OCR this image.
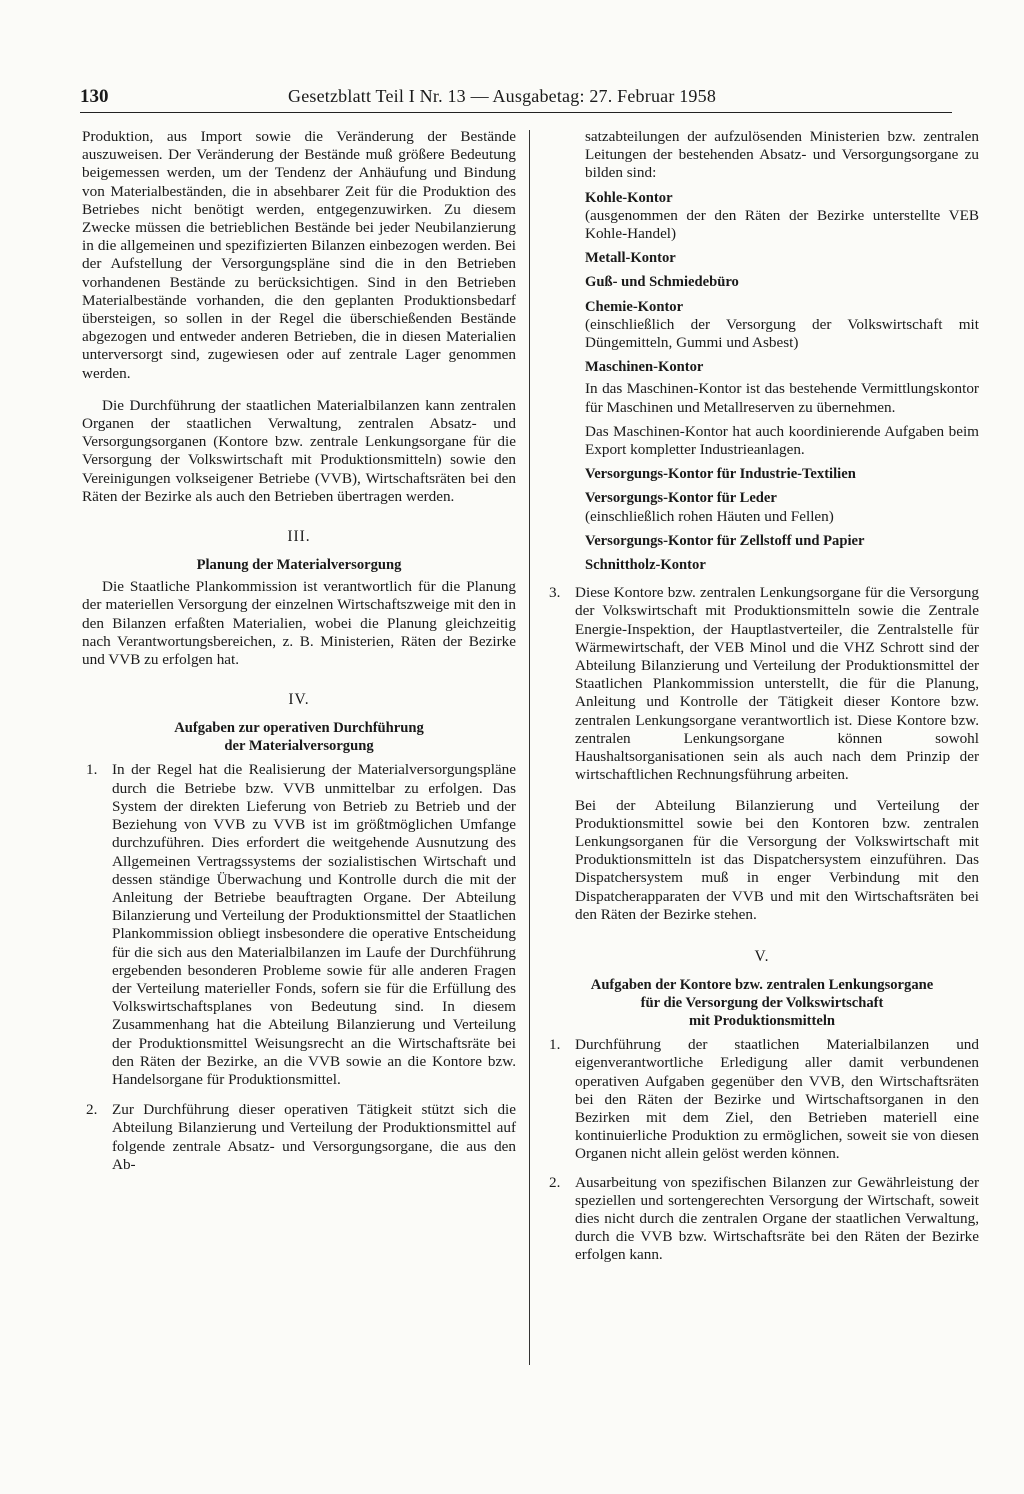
130	Gesetzblatt Teil I Nr. 13 — Ausgabetag: 27. Februar 1958

Produktion, aus Import sowie die Veränderung der Bestände auszuweisen. Der Veränderung der Bestände muß größere Bedeutung beigemessen werden, um der Tendenz der Anhäufung und Bindung von Materialbeständen, die in absehbarer Zeit für die Produktion des Betriebes nicht benötigt werden, entgegenzuwirken. Zu diesem Zwecke müssen die betrieblichen Bestände bei jeder Neubilanzierung in die allgemeinen und spezifizierten Bilanzen einbezogen werden. Bei der Aufstellung der Versorgungspläne sind die in den Betrieben vorhandenen Bestände zu berücksichtigen. Sind in den Betrieben Materialbestände vorhanden, die den geplanten Produktionsbedarf übersteigen, so sollen in der Regel die überschießenden Bestände abgezogen und entweder anderen Betrieben, die in diesen Materialien unterversorgt sind, zugewiesen oder auf zentrale Lager genommen werden.

Die Durchführung der staatlichen Materialbilanzen kann zentralen Organen der staatlichen Verwaltung, zentralen Absatz- und Versorgungsorganen (Kontore bzw. zentrale Lenkungsorgane für die Versorgung der Volkswirtschaft mit Produktionsmitteln) sowie den Vereinigungen volkseigener Betriebe (VVB), Wirtschaftsräten bei den Räten der Bezirke als auch den Betrieben übertragen werden.

III.
Planung der Materialversorgung

Die Staatliche Plankommission ist verantwortlich für die Planung der materiellen Versorgung der einzelnen Wirtschaftszweige mit den in den Bilanzen erfaßten Materialien, wobei die Planung gleichzeitig nach Verantwortungsbereichen, z. B. Ministerien, Räten der Bezirke und VVB zu erfolgen hat.

IV.
Aufgaben zur operativen Durchführung
der Materialversorgung
1. In der Regel hat die Realisierung der Materialversorgungspläne durch die Betriebe bzw. VVB unmittelbar zu erfolgen. Das System der direkten Lieferung von Betrieb zu Betrieb und der Beziehung von VVB zu VVB ist im größtmöglichen Umfange durchzuführen. Dies erfordert die weitgehende Ausnutzung des Allgemeinen Vertragssystems der sozialistischen Wirtschaft und dessen ständige Überwachung und Kontrolle durch die mit der Anleitung der Betriebe beauftragten Organe. Der Abteilung Bilanzierung und Verteilung der Produktionsmittel der Staatlichen Plankommission obliegt insbesondere die operative Entscheidung für die sich aus den Materialbilanzen im Laufe der Durchführung ergebenden besonderen Probleme sowie für alle anderen Fragen der Verteilung materieller Fonds, sofern sie für die Erfüllung des Volkswirtschaftsplanes von Bedeutung sind. In diesem Zusammenhang hat die Abteilung Bilanzierung und Verteilung der Produktionsmittel Weisungsrecht an die Wirtschaftsräte bei den Räten der Bezirke, an die VVB sowie an die Kontore bzw. Handelsorgane für Produktionsmittel.
2. Zur Durchführung dieser operativen Tätigkeit stützt sich die Abteilung Bilanzierung und Verteilung der Produktionsmittel auf folgende zentrale Absatz- und Versorgungsorgane, die aus den Ab-

satzabteilungen der aufzulösenden Ministerien bzw. zentralen Leitungen der bestehenden Absatz- und Versorgungsorgane zu bilden sind:

Kohle-Kontor

(ausgenommen der den Räten der Bezirke unterstellte VEB Kohle-Handel)

Metall-Kontor
Guß- und Schmiedebüro
Chemie-Kontor

(einschließlich der Versorgung der Volkswirtschaft mit Düngemitteln, Gummi und Asbest)

Maschinen-Kontor

In das Maschinen-Kontor ist das bestehende Vermittlungskontor für Maschinen und Metallreserven zu übernehmen.

Das Maschinen-Kontor hat auch koordinierende Aufgaben beim Export kompletter Industrieanlagen.

Versorgungs-Kontor für Industrie-Textilien
Versorgungs-Kontor für Leder

(einschließlich rohen Häuten und Fellen)

Versorgungs-Kontor für Zellstoff und Papier
Schnittholz-Kontor
3. Diese Kontore bzw. zentralen Lenkungsorgane für die Versorgung der Volkswirtschaft mit Produktionsmitteln sowie die Zentrale Energie-Inspektion, der Hauptlastverteiler, die Zentralstelle für Wärmewirtschaft, der VEB Minol und die VHZ Schrott sind der Abteilung Bilanzierung und Verteilung der Produktionsmittel der Staatlichen Plankommission unterstellt, die für die Planung, Anleitung und Kontrolle der Tätigkeit dieser Kontore bzw. zentralen Lenkungsorgane verantwortlich ist. Diese Kontore bzw. zentralen Lenkungsorgane können sowohl Haushaltsorganisationen sein als auch nach dem Prinzip der wirtschaftlichen Rechnungsführung arbeiten.
Bei der Abteilung Bilanzierung und Verteilung der Produktionsmittel sowie bei den Kontoren bzw. zentralen Lenkungsorganen für die Versorgung der Volkswirtschaft mit Produktionsmitteln ist das Dispatchersystem einzuführen. Das Dispatchersystem muß in enger Verbindung mit den Dispatcherapparaten der VVB und mit den Wirtschaftsräten bei den Räten der Bezirke stehen.
V.
Aufgaben der Kontore bzw. zentralen Lenkungsorgane
für die Versorgung der Volkswirtschaft
mit Produktionsmitteln
1. Durchführung der staatlichen Materialbilanzen und eigenverantwortliche Erledigung aller damit verbundenen operativen Aufgaben gegenüber den VVB, den Wirtschaftsräten bei den Räten der Bezirke und Wirtschaftsorganen in den Bezirken mit dem Ziel, den Betrieben materiell eine kontinuierliche Produktion zu ermöglichen, soweit sie von diesen Organen nicht allein gelöst werden können.
2. Ausarbeitung von spezifischen Bilanzen zur Gewährleistung der speziellen und sortengerechten Versorgung der Wirtschaft, soweit dies nicht durch die zentralen Organe der staatlichen Verwaltung, durch die VVB bzw. Wirtschaftsräte bei den Räten der Bezirke erfolgen kann.
